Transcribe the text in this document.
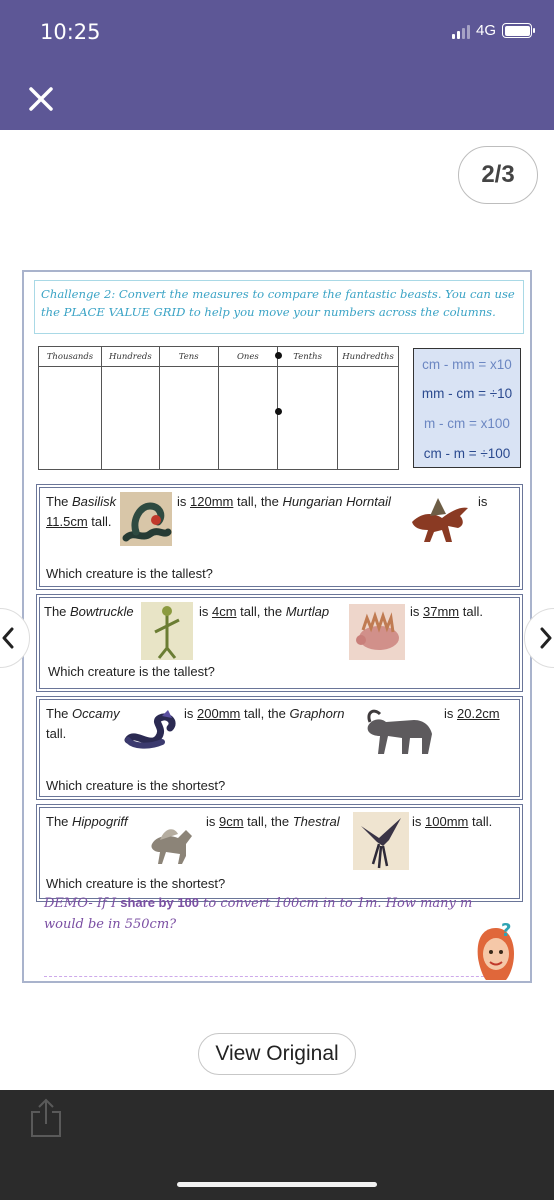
10:25	4G
2/3
Challenge 2: Convert the measures to compare the fantastic beasts. You can use the PLACE VALUE GRID to help you move your numbers across the columns.
Thousands	Hundreds	Tens	Ones	Tenths	Hundredths

cm - mm = x10
mm - cm = ÷10
m - cm = x100
cm - m = ÷100
The Basilisk	is 120mm tall, the Hungarian Horntail	is
11.5cm tall.
Which creature is the tallest?
The Bowtruckle	is 4cm tall, the Murtlap	is 37mm tall.
Which creature is the tallest?
The Occamy	is 200mm tall, the Graphorn	is 20.2cm
tall.
Which creature is the shortest?
The Hippogriff	is 9cm tall, the Thestral	is 100mm tall.
Which creature is the shortest?
DEMO- If I share by 100 to convert 100cm in to 1m. How many m would be in 550cm?	?
View Original
